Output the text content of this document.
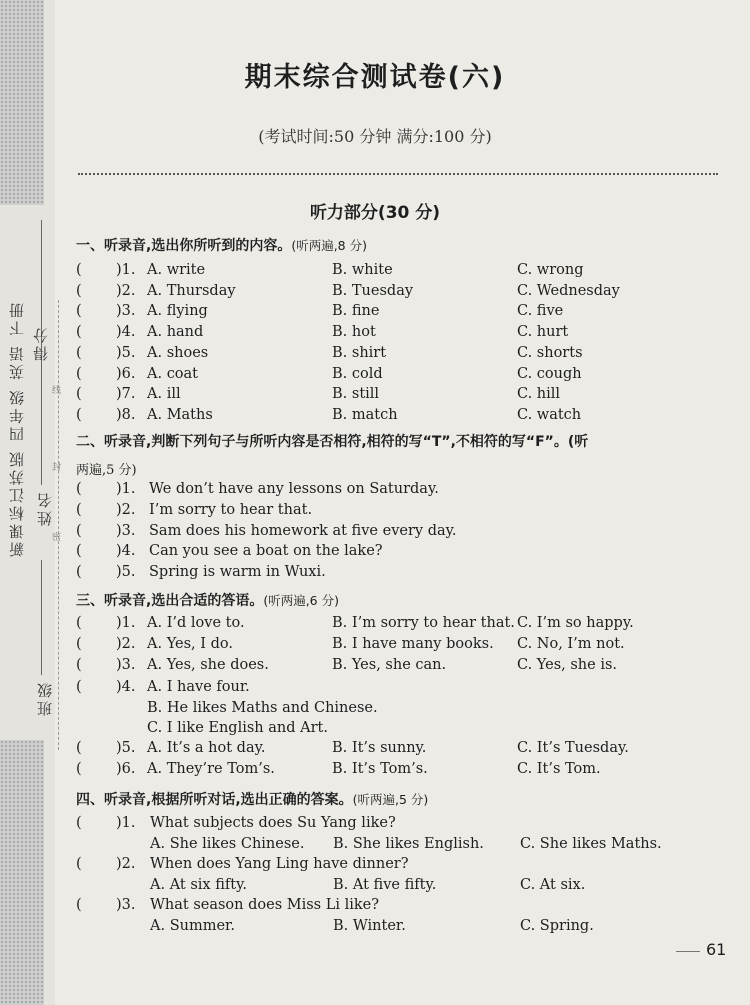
新课标江苏版 四年级 英语 下册 姓名
班级
得分
线
封
密
期末综合测试卷(六)
(考试时间:50 分钟 满分:100 分)
听力部分(30 分)
一、听录音,选出你所听到的内容。(听两遍,8 分)
二、听录音,判断下列句子与所听内容是否相符,相符的写“T”,不相符的写“F”。(听
两遍,5 分)
三、听录音,选出合适的答语。(听两遍,6 分)
四、听录音,根据所听对话,选出正确的答案。(听两遍,5 分)
( )1. A. write	B. white	C. wrong
( )2. A. Thursday	B. Tuesday	C. Wednesday
( )3. A. flying	B. fine	C. five
( )4. A. hand	B. hot	C. hurt
( )5. A. shoes	B. shirt	C. shorts
( )6. A. coat	B. cold	C. cough
( )7. A. ill	B. still	C. hill
( )8. A. Maths	B. match	C. watch
( )1. We don’t have any lessons on Saturday.
( )2. I’m sorry to hear that.
( )3. Sam does his homework at five every day.
( )4. Can you see a boat on the lake?
( )5. Spring is warm in Wuxi.
( )1. A. I’d love to.	B. I’m sorry to hear that. C. I’m so happy.
( )2. A. Yes, I do.	B. I have many books. C. No, I’m not.
( )3. A. Yes, she does.	B. Yes, she can.	C. Yes, she is.
( )4. A. I have four.
B. He likes Maths and Chinese.
C. I like English and Art.
( )5. A. It’s a hot day.	B. It’s sunny.	C. It’s Tuesday.
( )6. A. They’re Tom’s.	B. It’s Tom’s.	C. It’s Tom.
( )1. What subjects does Su Yang like?
A. She likes Chinese. B. She likes English. C. She likes Maths.
( )2. When does Yang Ling have dinner?
A. At six fifty.	B. At five fifty.	C. At six.
( )3. What season does Miss Li like?
A. Summer.	B. Winter.	C. Spring.
61
